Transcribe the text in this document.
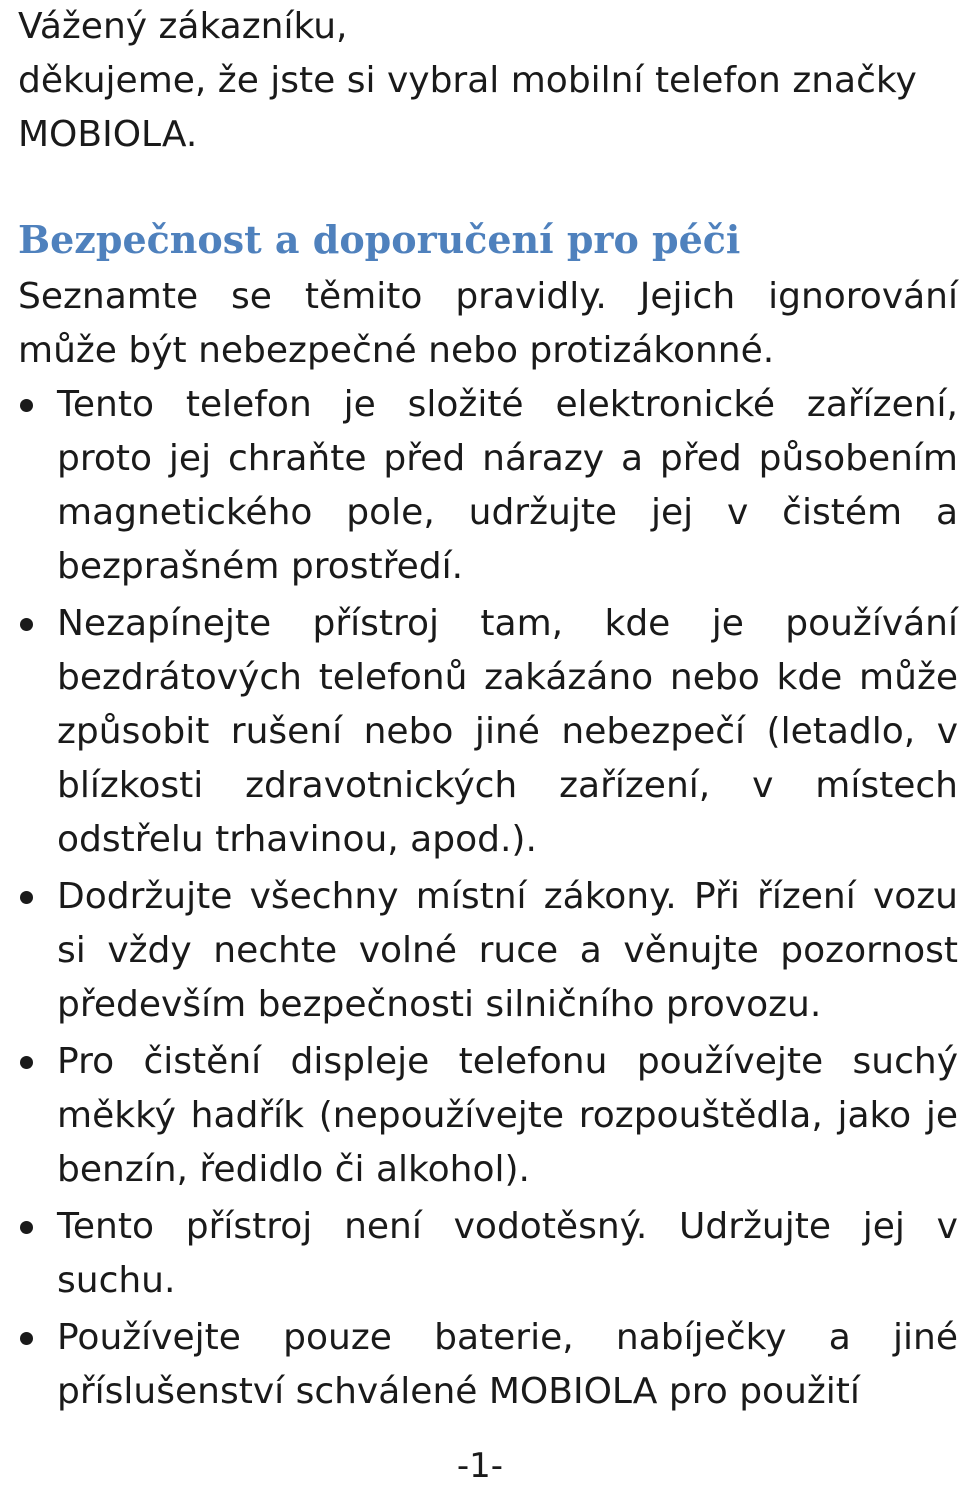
Vážený zákazníku,
děkujeme, že jste si vybral mobilní telefon značky
MOBIOLA.

Bezpečnost a doporučení pro péči

Seznamte se těmito pravidly. Jejich ignorování může být nebezpečné nebo protizákonné.

Tento telefon je složité elektronické zařízení, proto jej chraňte před nárazy a před působením magnetického pole, udržujte jej v čistém a bezprašném prostředí.
Nezapínejte přístroj tam, kde je používání bezdrátových telefonů zakázáno nebo kde může způsobit rušení nebo jiné nebezpečí (letadlo, v blízkosti zdravotnických zařízení, v místech odstřelu trhavinou, apod.).
Dodržujte všechny místní zákony. Při řízení vozu si vždy nechte volné ruce a věnujte pozornost především bezpečnosti silničního provozu.
Pro čistění displeje telefonu používejte suchý měkký hadřík (nepoužívejte rozpouštědla, jako je benzín, ředidlo či alkohol).
Tento přístroj není vodotěsný. Udržujte jej v suchu.
Používejte pouze baterie, nabíječky a jiné příslušenství schválené MOBIOLA pro použití
-1-
